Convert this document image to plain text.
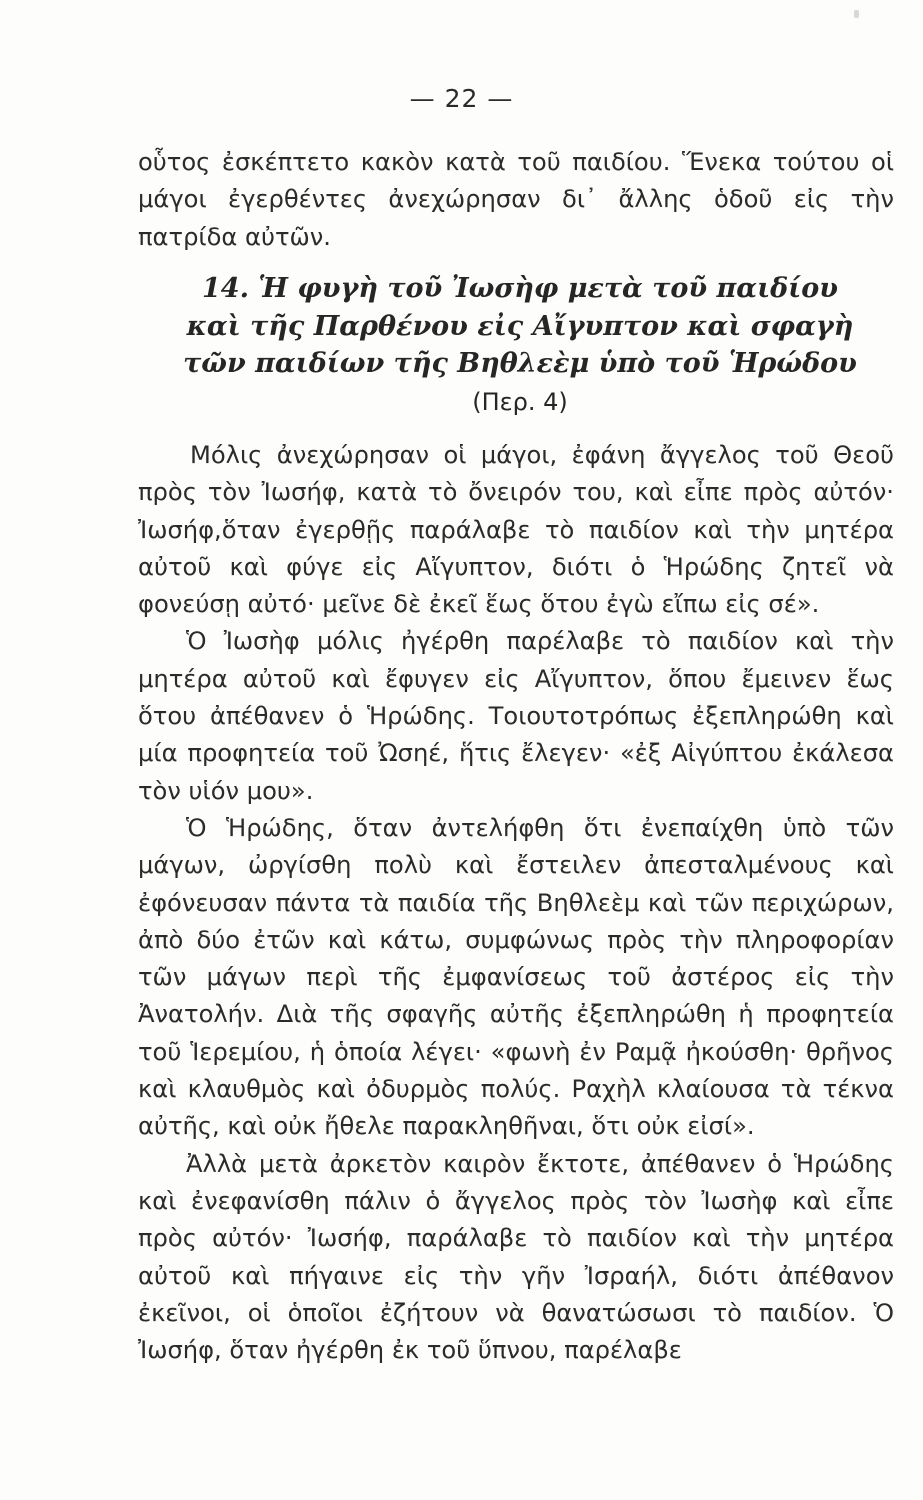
— 22 —

οὗτος ἐσκέπτετο κακὸν κατὰ τοῦ παιδίου. Ἕνεκα τούτου οἱ μάγοι ἐγερθέντες ἀνεχώρησαν δι᾿ ἄλλης ὁδοῦ εἰς τὴν πατρίδα αὐτῶν.

14. Ἡ φυγὴ τοῦ Ἰωσὴφ μετὰ τοῦ παιδίου καὶ τῆς Παρθένου εἰς Αἴγυπτον καὶ σφαγὴ τῶν παιδίων τῆς Βηθλεὲμ ὑπὸ τοῦ Ἡρώδου (Περ. 4)

Μόλις ἀνεχώρησαν οἱ μάγοι, ἐφάνη ἄγγελος τοῦ Θεοῦ πρὸς τὸν Ἰωσήφ, κατὰ τὸ ὄνειρόν του, καὶ εἶπε πρὸς αὐτόν· Ἰωσήφ,ὅταν ἐγερθῇς παράλαβε τὸ παιδίον καὶ τὴν μητέρα αὐτοῦ καὶ φύγε εἰς Αἴγυπτον, διότι ὁ Ἡρώδης ζητεῖ νὰ φονεύσῃ αὐτό· μεῖνε δὲ ἐκεῖ ἕως ὅτου ἐγὼ εἴπω εἰς σέ».

Ὁ Ἰωσὴφ μόλις ἠγέρθη παρέλαβε τὸ παιδίον καὶ τὴν μητέρα αὐτοῦ καὶ ἔφυγεν εἰς Αἴγυπτον, ὅπου ἔμεινεν ἕως ὅτου ἀπέθανεν ὁ Ἡρώδης. Τοιουτοτρόπως ἐξεπληρώθη καὶ μία προφητεία τοῦ Ὠσηέ, ἥτις ἔλεγεν· «ἐξ Αἰγύπτου ἐκάλεσα τὸν υἱόν μου».

Ὁ Ἡρώδης, ὅταν ἀντελήφθη ὅτι ἐνεπαίχθη ὑπὸ τῶν μάγων, ὠργίσθη πολὺ καὶ ἔστειλεν ἀπεσταλμένους καὶ ἐφόνευσαν πάντα τὰ παιδία τῆς Βηθλεὲμ καὶ τῶν περιχώρων, ἀπὸ δύο ἐτῶν καὶ κάτω, συμφώνως πρὸς τὴν πληροφορίαν τῶν μάγων περὶ τῆς ἐμφανίσεως τοῦ ἀστέρος εἰς τὴν Ἀνατολήν. Διὰ τῆς σφαγῆς αὐτῆς ἐξεπληρώθη ἡ προφητεία τοῦ Ἱερεμίου, ἡ ὁποία λέγει· «φωνὴ ἐν Ραμᾷ ἠκούσθη· θρῆνος καὶ κλαυθμὸς καὶ ὀδυρμὸς πολύς. Ραχὴλ κλαίουσα τὰ τέκνα αὐτῆς, καὶ οὐκ ἤθελε παρακληθῆναι, ὅτι οὐκ εἰσί».

Ἀλλὰ μετὰ ἀρκετὸν καιρὸν ἔκτοτε, ἀπέθανεν ὁ Ἡρώδης καὶ ἐνεφανίσθη πάλιν ὁ ἄγγελος πρὸς τὸν Ἰωσὴφ καὶ εἶπε πρὸς αὐτόν· Ἰωσήφ, παράλαβε τὸ παιδίον καὶ τὴν μητέρα αὐτοῦ καὶ πήγαινε εἰς τὴν γῆν Ἰσραήλ, διότι ἀπέθανον ἐκεῖνοι, οἱ ὁποῖοι ἐζήτουν νὰ θανατώσωσι τὸ παιδίον. Ὁ Ἰωσήφ, ὅταν ἠγέρθη ἐκ τοῦ ὕπνου, παρέλαβε
